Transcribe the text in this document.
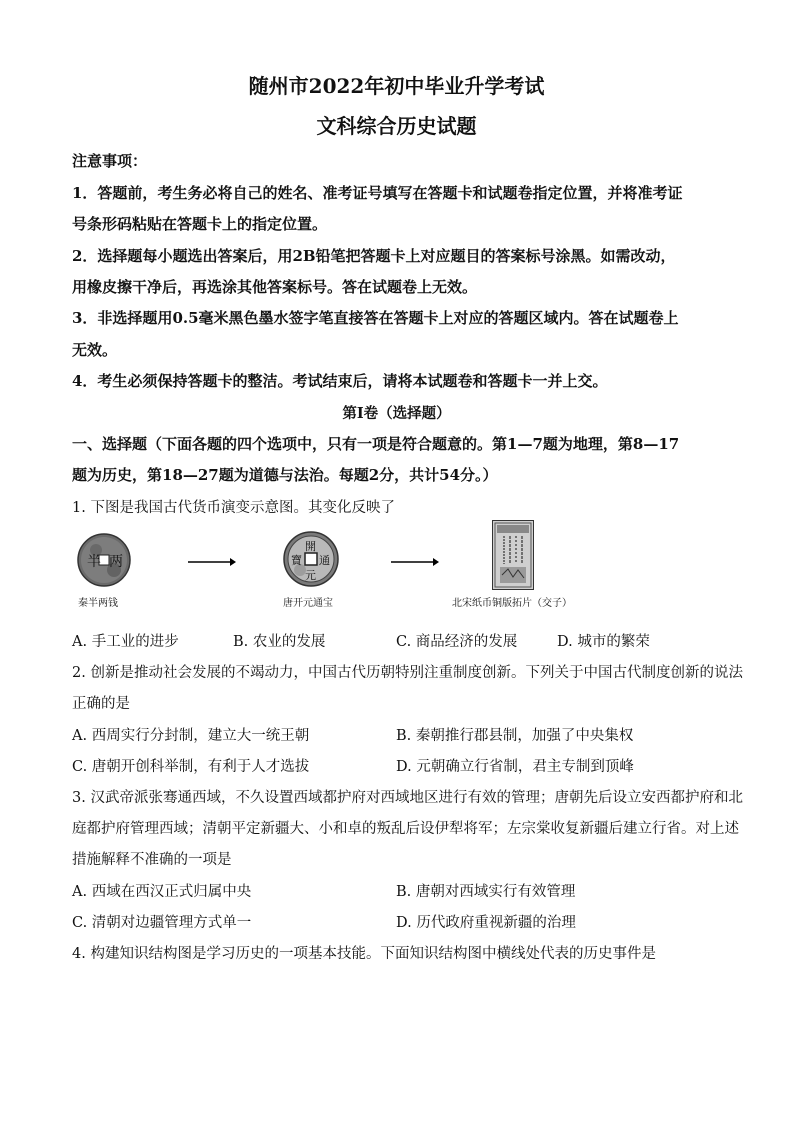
随州市2022年初中毕业升学考试
文科综合历史试题
注意事项：
1．答题前，考生务必将自己的姓名、准考证号填写在答题卡和试题卷指定位置，并将准考证
号条形码粘贴在答题卡上的指定位置。
2．选择题每小题选出答案后，用2B铅笔把答题卡上对应题目的答案标号涂黑。如需改动，
用橡皮擦干净后，再选涂其他答案标号。答在试题卷上无效。
3．非选择题用0.5毫米黑色墨水签字笔直接答在答题卡上对应的答题区域内。答在试题卷上
无效。
4．考生必须保持答题卡的整洁。考试结束后，请将本试题卷和答题卡一并上交。
第I卷（选择题）
一、选择题（下面各题的四个选项中，只有一项是符合题意的。第1—7题为地理，第8—17
题为历史，第18—27题为道德与法治。每题2分，共计54分。）
1. 下图是我国古代货币演变示意图。其变化反映了
半 两
秦半两钱
開
元
通
寶
唐开元通宝	北宋纸币铜版拓片（交子）
A. 手工业的进步	B. 农业的发展	C. 商品经济的发展	D. 城市的繁荣
2. 创新是推动社会发展的不竭动力，中国古代历朝特别注重制度创新。下列关于中国古代制度创新的说法
正确的是
A. 西周实行分封制，建立大一统王朝	B. 秦朝推行郡县制，加强了中央集权
C. 唐朝开创科举制，有利于人才选拔	D. 元朝确立行省制，君主专制到顶峰
3. 汉武帝派张骞通西域，不久设置西域都护府对西域地区进行有效的管理；唐朝先后设立安西都护府和北
庭都护府管理西域；清朝平定新疆大、小和卓的叛乱后设伊犁将军；左宗棠收复新疆后建立行省。对上述
措施解释不准确的一项是
A. 西域在西汉正式归属中央	B. 唐朝对西域实行有效管理
C. 清朝对边疆管理方式单一	D. 历代政府重视新疆的治理
4. 构建知识结构图是学习历史的一项基本技能。下面知识结构图中横线处代表的历史事件是
